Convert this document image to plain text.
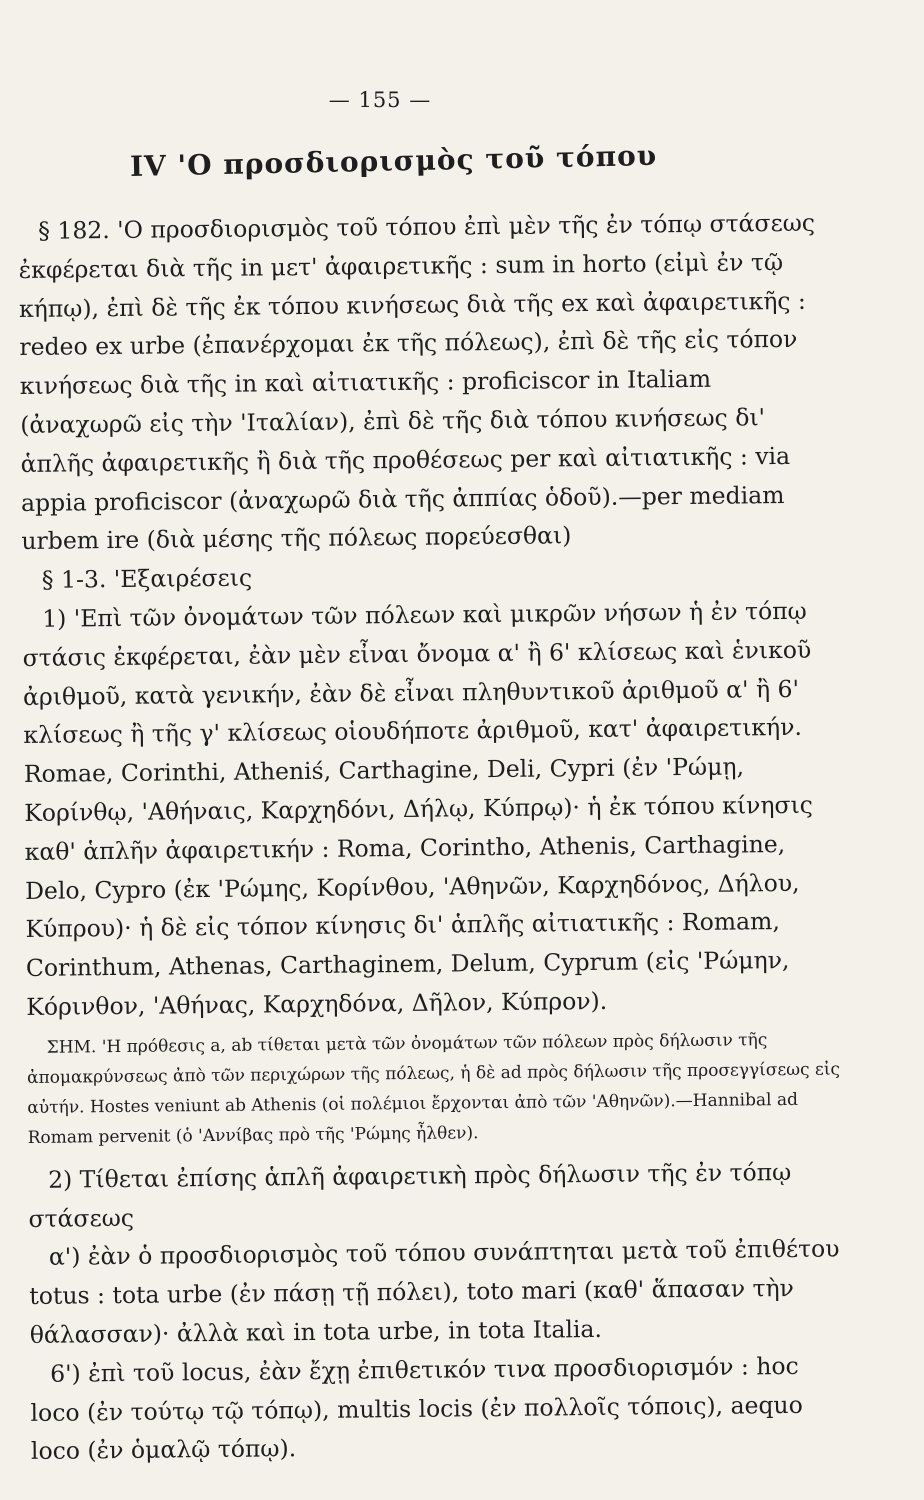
— 155 —
IV 'Ο προσδιορισμὸς τοῦ τόπου

§ 182. 'Ο προσδιορισμὸς τοῦ τόπου ἐπὶ μὲν τῆς ἐν τόπῳ στάσεως ἐκφέρεται διὰ τῆς in μετ' ἀφαιρετικῆς : sum in horto (εἰμὶ ἐν τῷ κήπῳ), ἐπὶ δὲ τῆς ἐκ τόπου κινήσεως διὰ τῆς ex καὶ ἀφαιρετικῆς : redeo ex urbe (ἐπανέρχομαι ἐκ τῆς πόλεως), ἐπὶ δὲ τῆς εἰς τόπον κινήσεως διὰ τῆς in καὶ αἰτιατικῆς : proficiscor in Italiam (ἀναχωρῶ εἰς τὴν 'Ιταλίαν), ἐπὶ δὲ τῆς διὰ τόπου κινήσεως δι' ἁπλῆς ἀφαιρετικῆς ἢ διὰ τῆς προθέσεως per καὶ αἰτιατικῆς : via appia proficiscor (ἀναχωρῶ διὰ τῆς ἀππίας ὁδοῦ).—per mediam urbem ire (διὰ μέσης τῆς πόλεως πορεύεσθαι)

§ 1-3. 'Εξαιρέσεις

1) 'Επὶ τῶν ὀνομάτων τῶν πόλεων καὶ μικρῶν νήσων ἡ ἐν τόπῳ στάσις ἐκφέρεται, ἐὰν μὲν εἶναι ὄνομα α' ἢ 6' κλίσεως καὶ ἑνικοῦ ἀριθμοῦ, κατὰ γενικήν, ἐὰν δὲ εἶναι πληθυντικοῦ ἀριθμοῦ α' ἢ 6' κλίσεως ἢ τῆς γ' κλίσεως οἱουδήποτε ἀριθμοῦ, κατ' ἀφαιρετικήν. Romae, Corinthi, Atheniś, Carthagine, Deli, Cypri (ἐν 'Ρώμῃ, Κορίνθῳ, 'Αθήναις, Καρχηδόνι, Δήλῳ, Κύπρῳ)· ἡ ἐκ τόπου κίνησις καθ' ἁπλῆν ἀφαιρετικήν : Roma, Corintho, Athenis, Carthagine, Delo, Cypro (ἐκ 'Ρώμης, Κορίνθου, 'Αθηνῶν, Καρχηδόνος, Δήλου, Κύπρου)· ἡ δὲ εἰς τόπον κίνησις δι' ἁπλῆς αἰτιατικῆς : Romam, Corinthum, Athenas, Carthaginem, Delum, Cyprum (εἰς 'Ρώμην, Κόρινθον, 'Αθήνας, Καρχηδόνα, Δῆλον, Κύπρον).

ΣΗΜ. 'Η πρόθεσις a, ab τίθεται μετὰ τῶν ὀνομάτων τῶν πόλεων πρὸς δήλωσιν τῆς ἀπομακρύνσεως ἀπὸ τῶν περιχώρων τῆς πόλεως, ἡ δὲ ad πρὸς δήλωσιν τῆς προσεγγίσεως εἰς αὐτήν. Hostes veniunt ab Athenis (οἱ πολέμιοι ἔρχονται ἀπὸ τῶν 'Αθηνῶν).—Hannibal ad Romam pervenit (ὁ 'Αννίβας πρὸ τῆς 'Ρώμης ἦλθεν).

2) Τίθεται ἐπίσης ἁπλῆ ἀφαιρετικὴ πρὸς δήλωσιν τῆς ἐν τόπῳ στάσεως

α') ἐὰν ὁ προσδιορισμὸς τοῦ τόπου συνάπτηται μετὰ τοῦ ἐπιθέτου totus : tota urbe (ἐν πάσῃ τῇ πόλει), toto mari (καθ' ἅπασαν τὴν θάλασσαν)· ἀλλὰ καὶ in tota urbe, in tota Italia.

6') ἐπὶ τοῦ locus, ἐὰν ἔχῃ ἐπιθετικόν τινα προσδιορισμόν : hoc loco (ἐν τούτῳ τῷ τόπῳ), multis locis (ἐν πολλοῖς τόποις), aequo loco (ἐν ὁμαλῷ τόπῳ).
